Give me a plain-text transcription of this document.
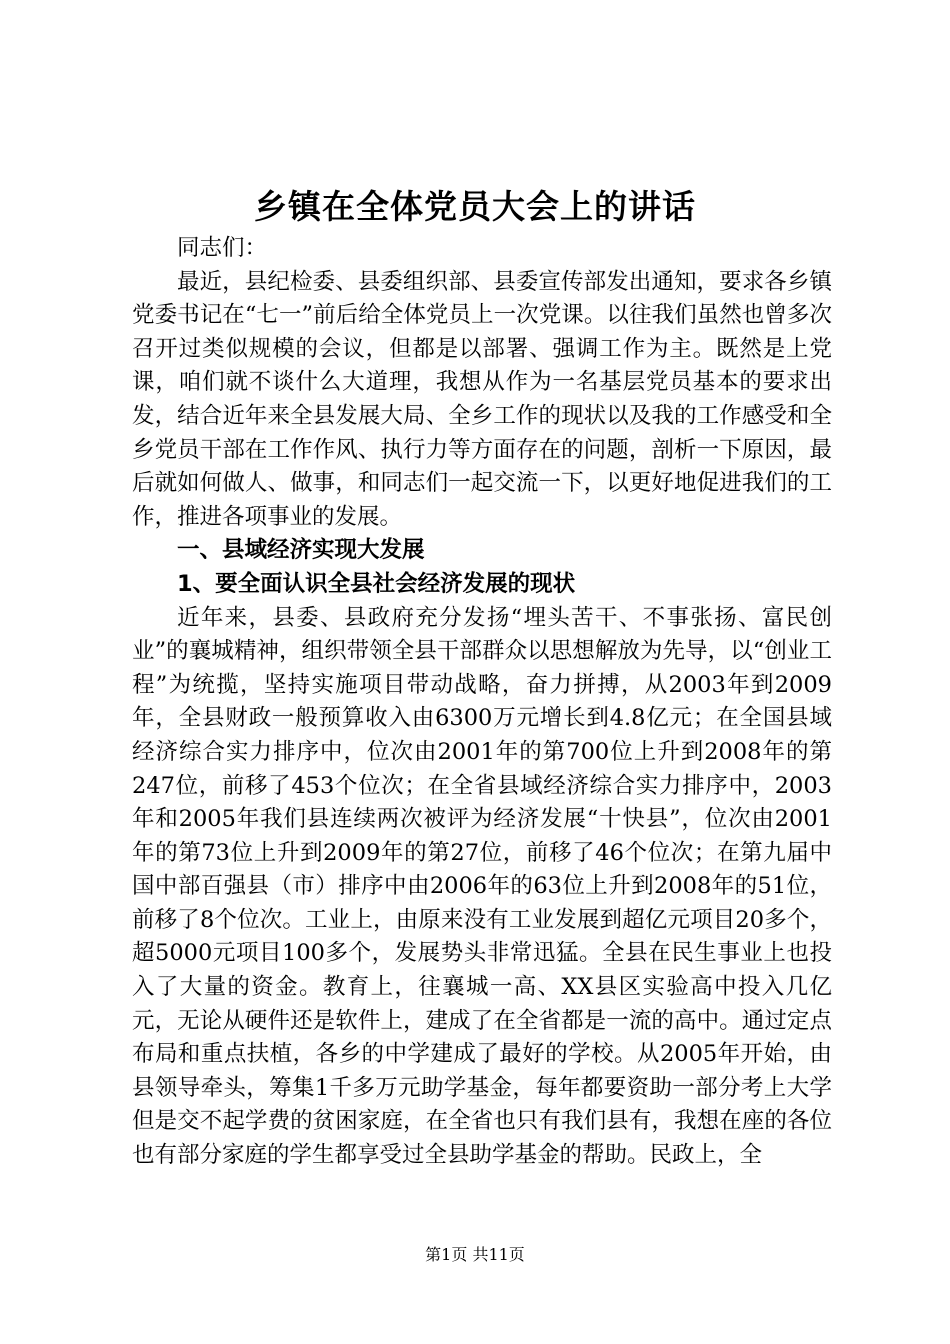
乡镇在全体党员大会上的讲话

同志们：

最近，县纪检委、县委组织部、县委宣传部发出通知，要求各乡镇党委书记在“七一”前后给全体党员上一次党课。以往我们虽然也曾多次召开过类似规模的会议，但都是以部署、强调工作为主。既然是上党课，咱们就不谈什么大道理，我想从作为一名基层党员基本的要求出发，结合近年来全县发展大局、全乡工作的现状以及我的工作感受和全乡党员干部在工作作风、执行力等方面存在的问题，剖析一下原因，最后就如何做人、做事，和同志们一起交流一下，以更好地促进我们的工作，推进各项事业的发展。

一、县域经济实现大发展
1、要全面认识全县社会经济发展的现状

近年来，县委、县政府充分发扬“埋头苦干、不事张扬、富民创业”的襄城精神，组织带领全县干部群众以思想解放为先导，以“创业工程”为统揽，坚持实施项目带动战略，奋力拼搏，从2003年到2009年，全县财政一般预算收入由6300万元增长到4.8亿元；在全国县域经济综合实力排序中，位次由2001年的第700位上升到2008年的第247位，前移了453个位次；在全省县域经济综合实力排序中，2003年和2005年我们县连续两次被评为经济发展“十快县”，位次由2001年的第73位上升到2009年的第27位，前移了46个位次；在第九届中国中部百强县（市）排序中由2006年的63位上升到2008年的51位，前移了8个位次。工业上，由原来没有工业发展到超亿元项目20多个，超5000元项目100多个，发展势头非常迅猛。全县在民生事业上也投入了大量的资金。教育上，往襄城一高、XX县区实验高中投入几亿元，无论从硬件还是软件上，建成了在全省都是一流的高中。通过定点布局和重点扶植，各乡的中学建成了最好的学校。从2005年开始，由县领导牵头，筹集1千多万元助学基金，每年都要资助一部分考上大学但是交不起学费的贫困家庭，在全省也只有我们县有，我想在座的各位也有部分家庭的学生都享受过全县助学基金的帮助。民政上，全

第1页 共11页
